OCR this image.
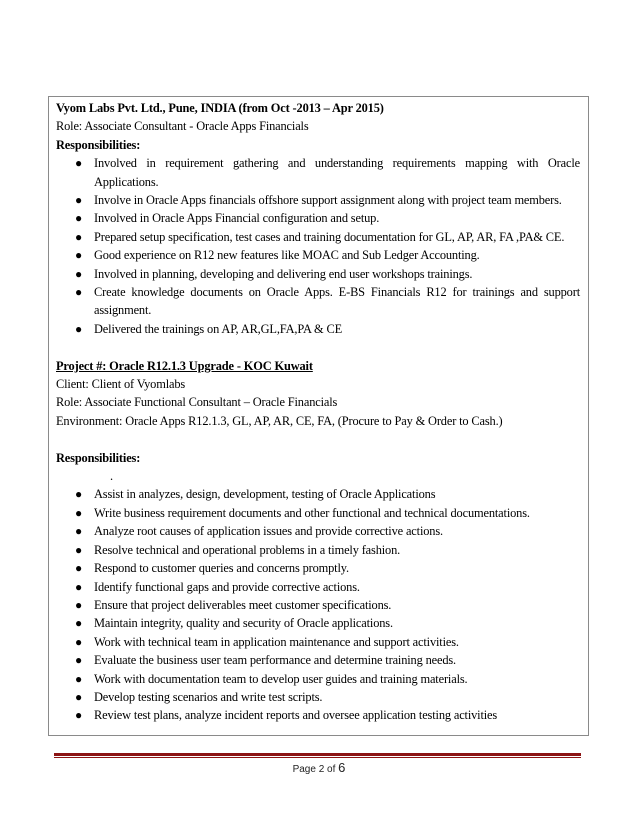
Vyom Labs Pvt. Ltd., Pune, INDIA (from Oct -2013 – Apr 2015)
Role: Associate Consultant - Oracle Apps Financials
Responsibilities:
● Involved in requirement gathering and understanding requirements mapping with Oracle Applications.
● Involve in Oracle Apps financials offshore support assignment along with project team members.
● Involved in Oracle Apps Financial configuration and setup.
● Prepared setup specification, test cases and training documentation for GL, AP, AR, FA ,PA& CE.
● Good experience on R12 new features like MOAC and Sub Ledger Accounting.
● Involved in planning, developing and delivering end user workshops trainings.
● Create knowledge documents on Oracle Apps. E-BS Financials R12 for trainings and support assignment.
● Delivered the trainings on AP, AR,GL,FA,PA & CE
Project #: Oracle R12.1.3 Upgrade - KOC Kuwait
Client: Client of Vyomlabs
Role: Associate Functional Consultant – Oracle Financials
Environment: Oracle Apps R12.1.3, GL, AP, AR, CE, FA, (Procure to Pay & Order to Cash.)
Responsibilities:
.
● Assist in analyzes, design, development, testing of Oracle Applications
● Write business requirement documents and other functional and technical documentations.
● Analyze root causes of application issues and provide corrective actions.
● Resolve technical and operational problems in a timely fashion.
● Respond to customer queries and concerns promptly.
● Identify functional gaps and provide corrective actions.
● Ensure that project deliverables meet customer specifications.
● Maintain integrity, quality and security of Oracle applications.
● Work with technical team in application maintenance and support activities.
● Evaluate the business user team performance and determine training needs.
● Work with documentation team to develop user guides and training materials.
● Develop testing scenarios and write test scripts.
● Review test plans, analyze incident reports and oversee application testing activities
Page 2 of 6
